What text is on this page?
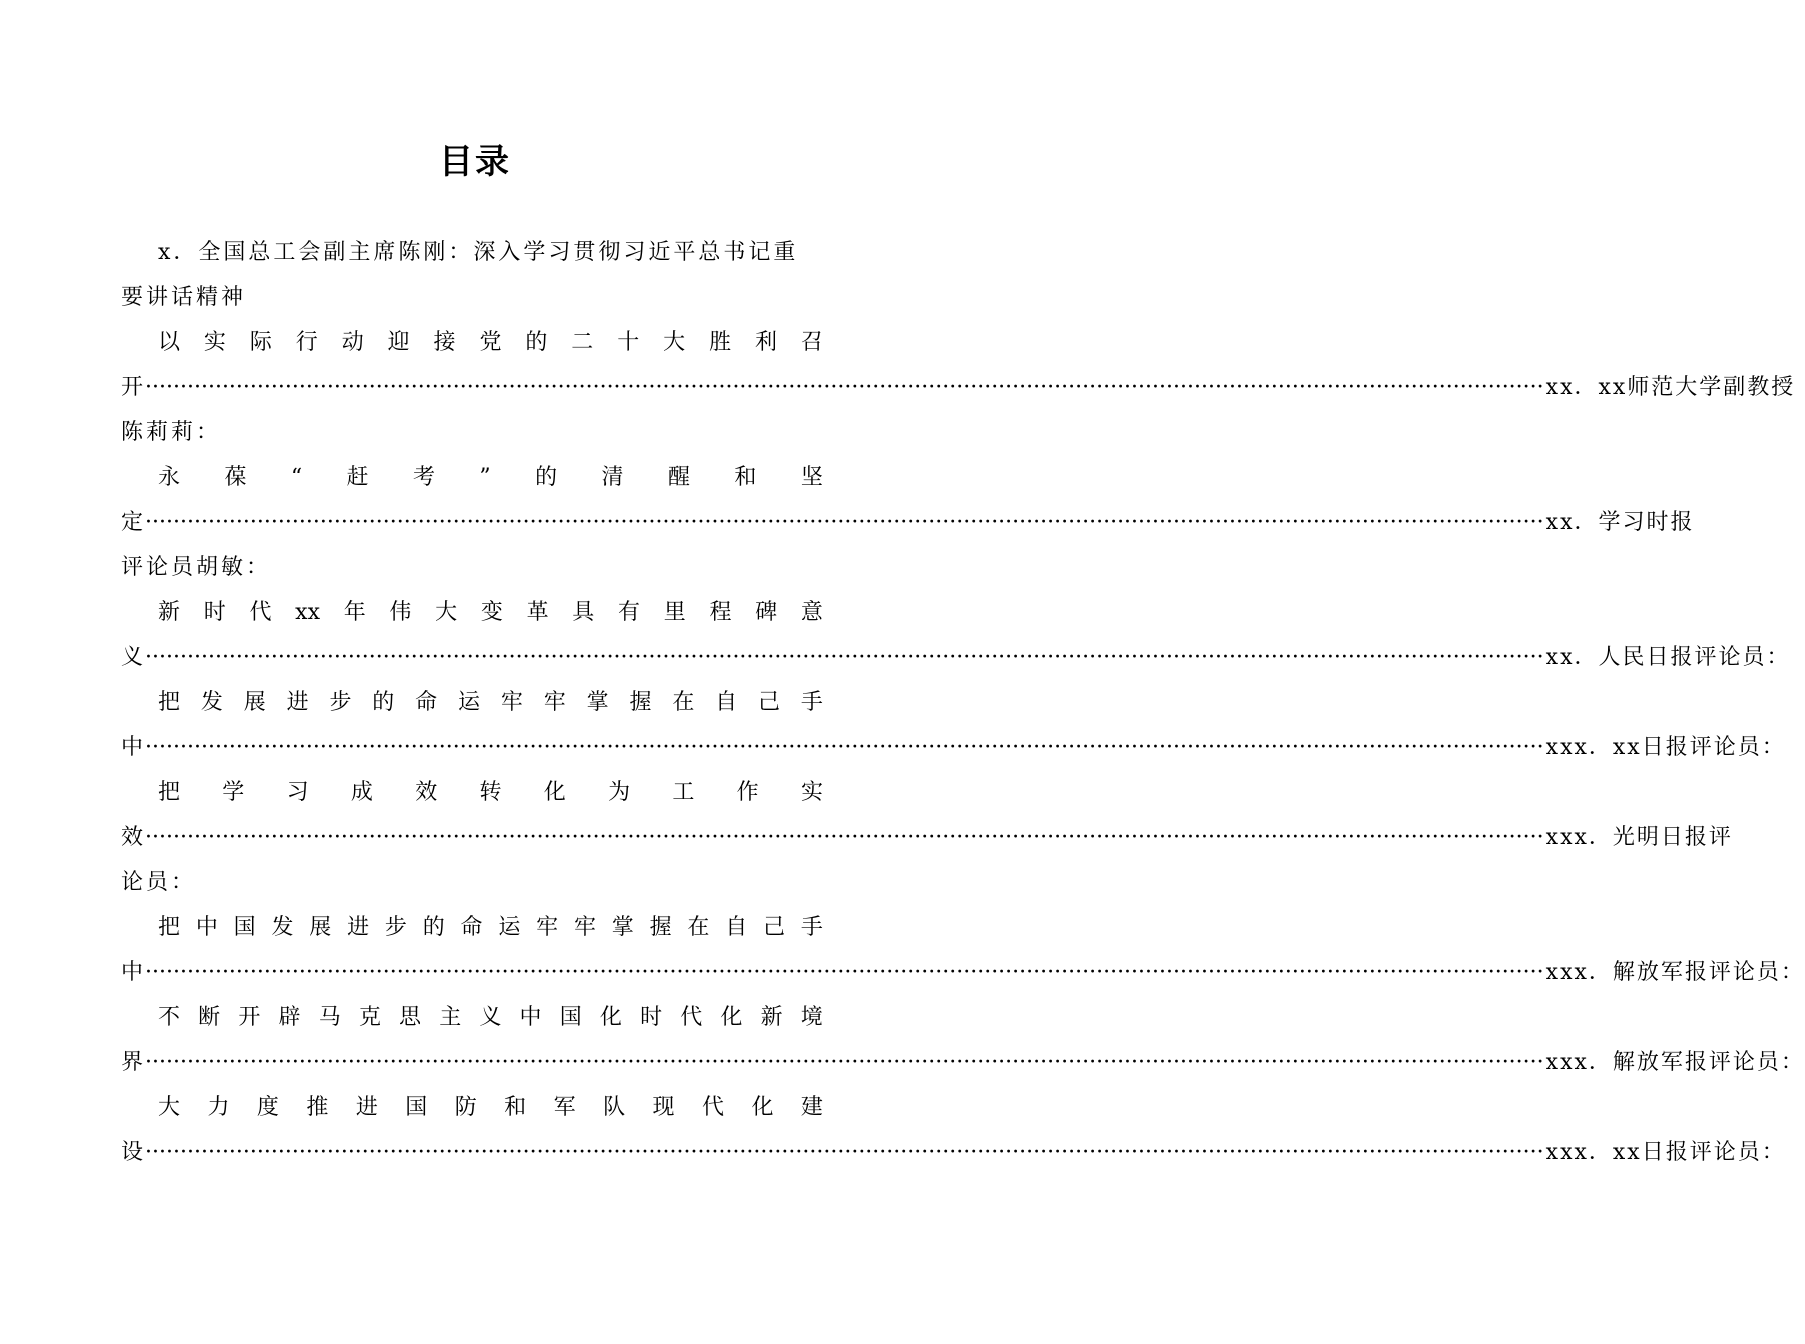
目录
x．全国总工会副主席陈刚：深入学习贯彻习近平总书记重
要讲话精神
以 实 际 行 动 迎 接 党 的 二 十 大 胜 利 召
开 ········································································································································································································ xx．xx师范大学副教授
陈莉莉：
永 葆 “ 赶 考 ” 的 清 醒 和 坚
定 ········································································································································································································ xx．学习时报
评论员胡敏：
新 时 代 xx 年 伟 大 变 革 具 有 里 程 碑 意
义 ········································································································································································································ xx．人民日报评论员：
把 发 展 进 步 的 命 运 牢 牢 掌 握 在 自 己 手
中 ········································································································································································································ xxx．xx日报评论员：
把 学 习 成 效 转 化 为 工 作 实
效 ········································································································································································································ xxx．光明日报评
论员：
把 中 国 发 展 进 步 的 命 运 牢 牢 掌 握 在 自 己 手
中 ········································································································································································································ xxx．解放军报评论员：
不 断 开 辟 马 克 思 主 义 中 国 化 时 代 化 新 境
界 ········································································································································································································ xxx．解放军报评论员：
大 力 度 推 进 国 防 和 军 队 现 代 化 建
设 ········································································································································································································ xxx．xx日报评论员：
